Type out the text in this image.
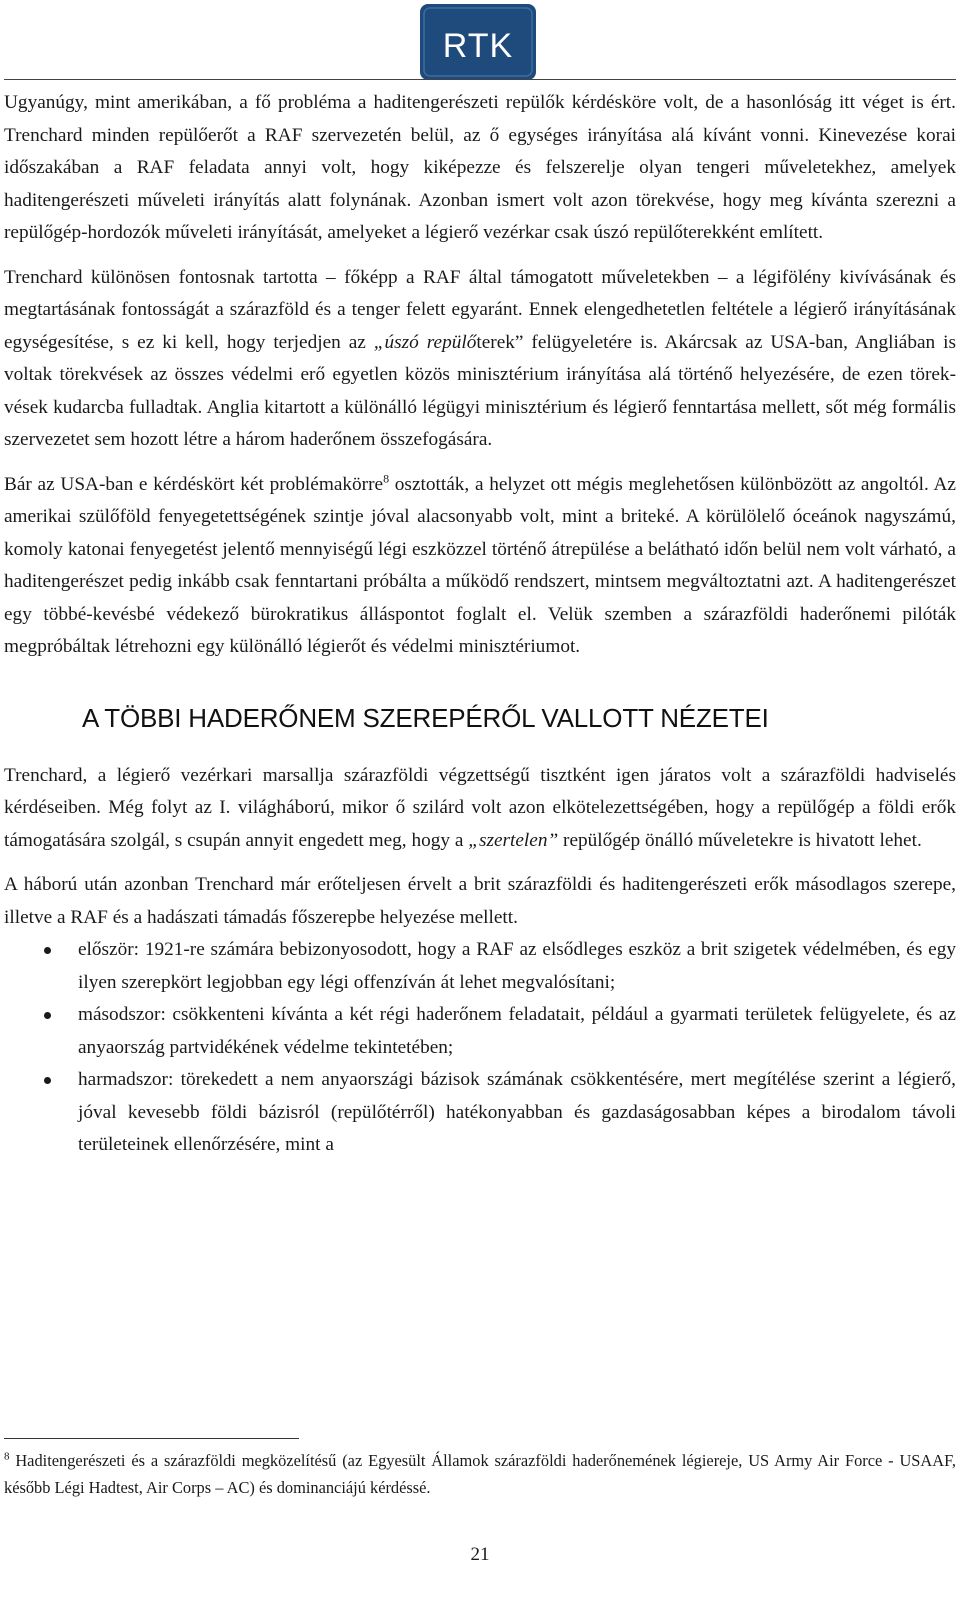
RTK

Ugyanúgy, mint amerikában, a fő probléma a haditengerészeti repülők kérdésköre volt, de a hasonlóság itt véget is ért. Trenchard minden repülőerőt a RAF szervezetén belül, az ő egységes irányítása alá kívánt vonni. Kinevezése korai időszakában a RAF feladata annyi volt, hogy kiképezze és felszerelje olyan tengeri műveletekhez, amelyek haditengerészeti műveleti irányítás alatt folynának. Azonban ismert volt azon törekvése, hogy meg kívánta szerezni a repülőgép-hordozók műveleti irányítását, amelyeket a légierő vezérkar csak úszó repülőterekként említett.

Trenchard különösen fontosnak tartotta – főképp a RAF által támogatott műveletekben – a légifölény kivívásának és megtartásának fontosságát a szárazföld és a tenger felett egyaránt. Ennek elengedhetetlen feltétele a légierő irányításának egységesítése, s ez ki kell, hogy terjedjen az „úszó repülőterek” felügyeletére is. Akárcsak az USA-ban, Angliában is voltak törekvések az összes védelmi erő egyetlen közös minisztérium irányítása alá történő helyezésére, de ezen törekvések kudarcba fulladtak. Anglia kitartott a különálló légügyi minisztérium és légierő fenntartása mellett, sőt még formális szervezetet sem hozott létre a három haderőnem összefogására.

Bár az USA-ban e kérdéskört két problémakörre$^8$ osztották, a helyzet ott mégis meglehetősen különbözött az angoltól. Az amerikai szülőföld fenyegetettségének szintje jóval alacsonyabb volt, mint a briteké. A körülölelő óceánok nagyszámú, komoly katonai fenyegetést jelentő mennyiségű légi eszközzel történő átrepülése a belátható időn belül nem volt várható, a haditengerészet pedig inkább csak fenntartani próbálta a működő rendszert, mintsem megváltoztatni azt. A haditengerészet egy többé-kevésbé védekező bürokratikus álláspontot foglalt el. Velük szemben a szárazföldi haderőnemi pilóták megpróbáltak létrehozni egy különálló légierőt és védelmi minisztériumot.

A TÖBBI HADERŐNEM SZEREPÉRŐL VALLOTT NÉZETEI

Trenchard, a légierő vezérkari marsallja szárazföldi végzettségű tisztként igen járatos volt a szárazföldi hadviselés kérdéseiben. Még folyt az I. világháború, mikor ő szilárd volt azon elkötelezettségében, hogy a repülőgép a földi erők támogatására szolgál, s csupán annyit engedett meg, hogy a „szertelen” repülőgép önálló műveletekre is hivatott lehet.

A háború után azonban Trenchard már erőteljesen érvelt a brit szárazföldi és haditengerészeti erők másodlagos szerepe, illetve a RAF és a hadászati támadás főszerepbe helyezése mellett.

először: 1921-re számára bebizonyosodott, hogy a RAF az elsődleges eszköz a brit szigetek védelmében, és egy ilyen szerepkört legjobban egy légi offenzíván át lehet megvalósítani;
másodszor: csökkenteni kívánta a két régi haderőnem feladatait, például a gyarmati területek felügyelete, és az anyaország partvidékének védelme tekintetében;
harmadszor: törekedett a nem anyaországi bázisok számának csökkentésére, mert megítélése szerint a légierő, jóval kevesebb földi bázisról (repülőtérről) hatékonyabban és gazdaságosabban képes a birodalom távoli területeinek ellenőrzésére, mint a
$^8$ Haditengerészeti és a szárazföldi megközelítésű (az Egyesült Államok szárazföldi haderőnemének légiereje, US Army Air Force - USAAF, később Légi Hadtest, Air Corps – AC) és dominanciájú kérdéssé.
21
